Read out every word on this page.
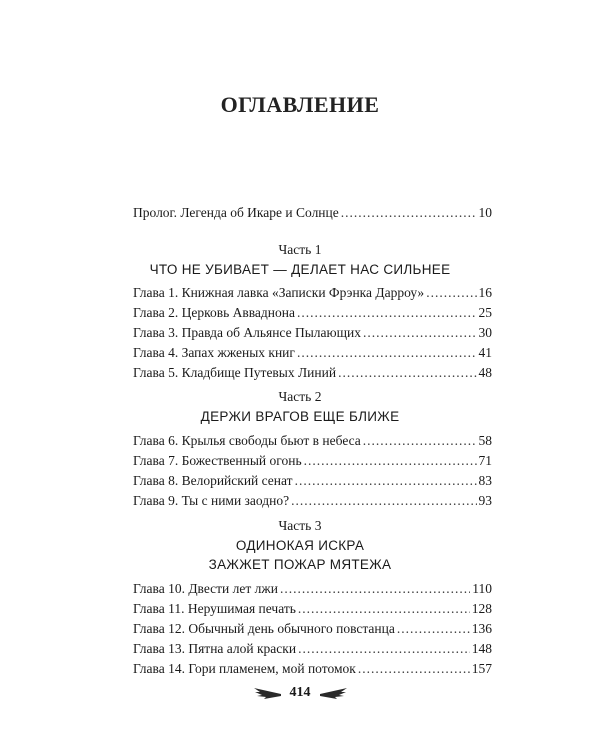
ОГЛАВЛЕНИЕ
Пролог. Легенда об Икаре и Солнце .....	10
Часть 1
ЧТО НЕ УБИВАЕТ — ДЕЛАЕТ НАС СИЛЬНЕЕ
Глава 1. Книжная лавка «Записки Фрэнка Дарроу» .....	16
Глава 2. Церковь Авваднона .....	25
Глава 3. Правда об Альянсе Пылающих .....	30
Глава 4. Запах жженых книг .....	41
Глава 5. Кладбище Путевых Линий .....	48
Часть 2
ДЕРЖИ ВРАГОВ ЕЩЕ БЛИЖЕ
Глава 6. Крылья свободы бьют в небеса .....	58
Глава 7. Божественный огонь .....	71
Глава 8. Велорийский сенат .....	83
Глава 9. Ты с ними заодно? .....	93
Часть 3
ОДИНОКАЯ ИСКРА
ЗАЖЖЕТ ПОЖАР МЯТЕЖА
Глава 10. Двести лет лжи .....	110
Глава 11. Нерушимая печать .....	128
Глава 12. Обычный день обычного повстанца .....	136
Глава 13. Пятна алой краски .....	148
Глава 14. Гори пламенем, мой потомок .....	157
414
